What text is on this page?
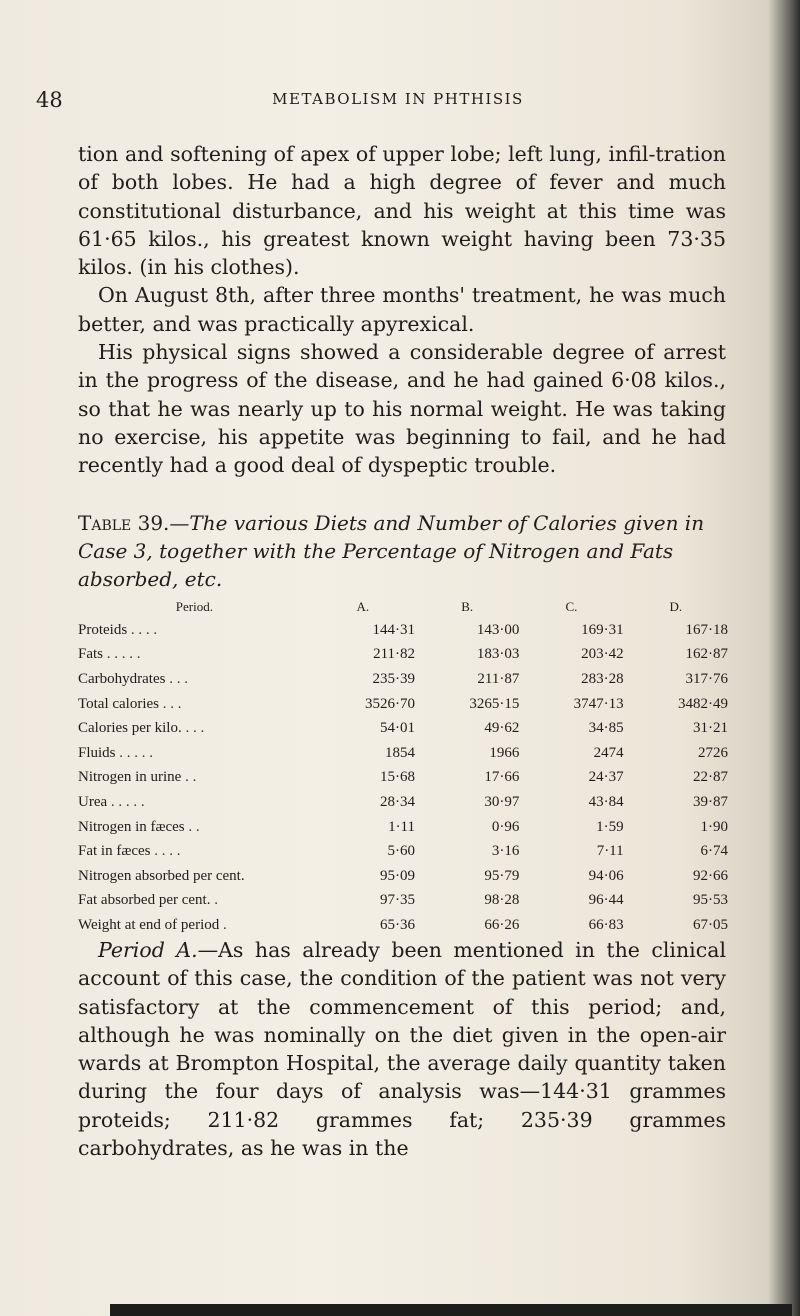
48	METABOLISM IN PHTHISIS

tion and softening of apex of upper lobe; left lung, infil-tration of both lobes. He had a high degree of fever and much constitutional disturbance, and his weight at this time was 61·65 kilos., his greatest known weight having been 73·35 kilos. (in his clothes).

On August 8th, after three months' treatment, he was much better, and was practically apyrexical.

His physical signs showed a considerable degree of arrest in the progress of the disease, and he had gained 6·08 kilos., so that he was nearly up to his normal weight. He was taking no exercise, his appetite was beginning to fail, and he had recently had a good deal of dyspeptic trouble.

Table 39.—The various Diets and Number of Calories given in Case 3, together with the Percentage of Nitrogen and Fats absorbed, etc.
Period.	A.	B.	C.	D.
Proteids . . . .	144·31	143·00	169·31	167·18
Fats . . . . .	211·82	183·03	203·42	162·87
Carbohydrates . . .	235·39	211·87	283·28	317·76
Total calories . . .	3526·70	3265·15	3747·13	3482·49
Calories per kilo. . . .	54·01	49·62	34·85	31·21
Fluids . . . . .	1854	1966	2474	2726
Nitrogen in urine . .	15·68	17·66	24·37	22·87
Urea . . . . .	28·34	30·97	43·84	39·87
Nitrogen in fæces . .	1·11	0·96	1·59	1·90
Fat in fæces . . . .	5·60	3·16	7·11	6·74
Nitrogen absorbed per cent.	95·09	95·79	94·06	92·66
Fat absorbed per cent. .	97·35	98·28	96·44	95·53
Weight at end of period .	65·36	66·26	66·83	67·05

Period A.—As has already been mentioned in the clinical account of this case, the condition of the patient was not very satisfactory at the commencement of this period; and, although he was nominally on the diet given in the open-air wards at Brompton Hospital, the average daily quantity taken during the four days of analysis was—144·31 grammes proteids; 211·82 grammes fat; 235·39 grammes carbohydrates, as he was in the
